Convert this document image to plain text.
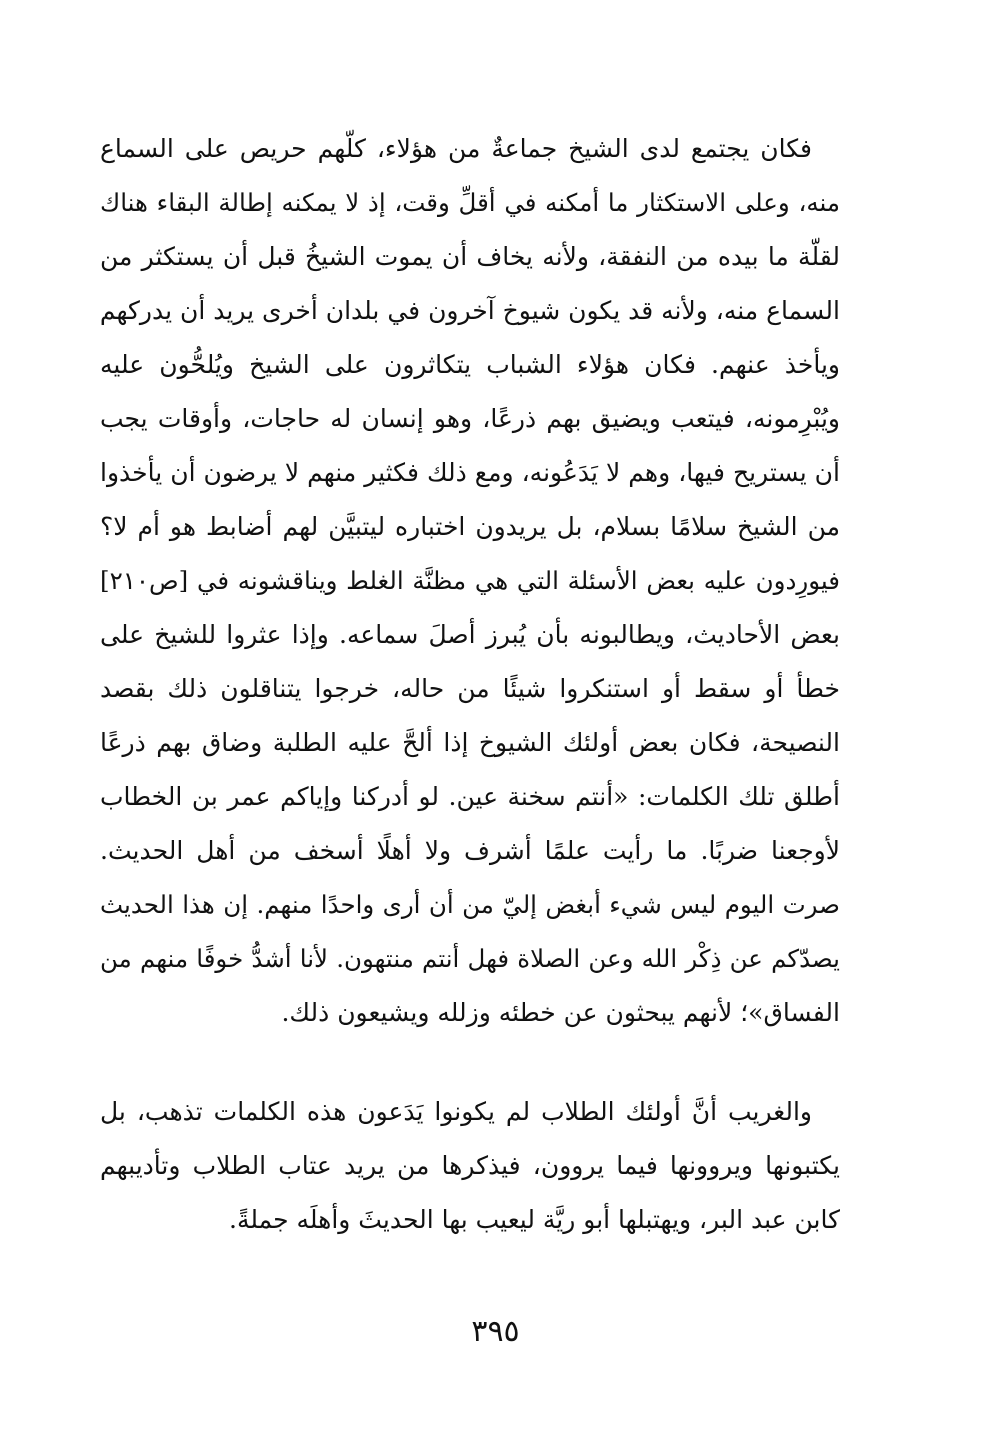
فكان يجتمع لدى الشيخ جماعةٌ من هؤلاء، كلّهم حريص على السماع
منه، وعلى الاستكثار ما أمكنه في أقلِّ وقت، إذ لا يمكنه إطالة البقاء هناك
لقلّة ما بيده من النفقة، ولأنه يخاف أن يموت الشيخُ قبل أن يستكثر من
السماع منه، ولأنه قد يكون شيوخ آخرون في بلدان أخرى يريد أن يدركهم
ويأخذ عنهم. فكان هؤلاء الشباب يتكاثرون على الشيخ ويُلحُّون عليه
ويُبْرِمونه، فيتعب ويضيق بهم ذرعًا، وهو إنسان له حاجات، وأوقات يجب
أن يستريح فيها، وهم لا يَدَعُونه، ومع ذلك فكثير منهم لا يرضون أن يأخذوا
من الشيخ سلامًا بسلام، بل يريدون اختباره ليتبيَّن لهم أضابط هو أم لا؟
فيورِدون عليه بعض الأسئلة التي هي مظنَّة الغلط ويناقشونه في [ص٢١٠]
بعض الأحاديث، ويطالبونه بأن يُبرز أصلَ سماعه. وإذا عثروا للشيخ على
خطأ أو سقط أو استنكروا شيئًا من حاله، خرجوا يتناقلون ذلك بقصد
النصيحة، فكان بعض أولئك الشيوخ إذا ألحَّ عليه الطلبة وضاق بهم ذرعًا
أطلق تلك الكلمات: «أنتم سخنة عين. لو أدركنا وإياكم عمر بن الخطاب
لأوجعنا ضربًا. ما رأيت علمًا أشرف ولا أهلًا أسخف من أهل الحديث.
صرت اليوم ليس شيء أبغض إليّ من أن أرى واحدًا منهم. إن هذا الحديث
يصدّكم عن ذِكْر الله وعن الصلاة فهل أنتم منتهون. لأنا أشدُّ خوفًا منهم من
الفساق»؛ لأنهم يبحثون عن خطئه وزلله ويشيعون ذلك.
والغريب أنَّ أولئك الطلاب لم يكونوا يَدَعون هذه الكلمات تذهب، بل
يكتبونها ويروونها فيما يروون، فيذكرها من يريد عتاب الطلاب وتأديبهم
كابن عبد البر، ويهتبلها أبو ريَّة ليعيب بها الحديثَ وأهلَه جملةً.
٣٩٥
